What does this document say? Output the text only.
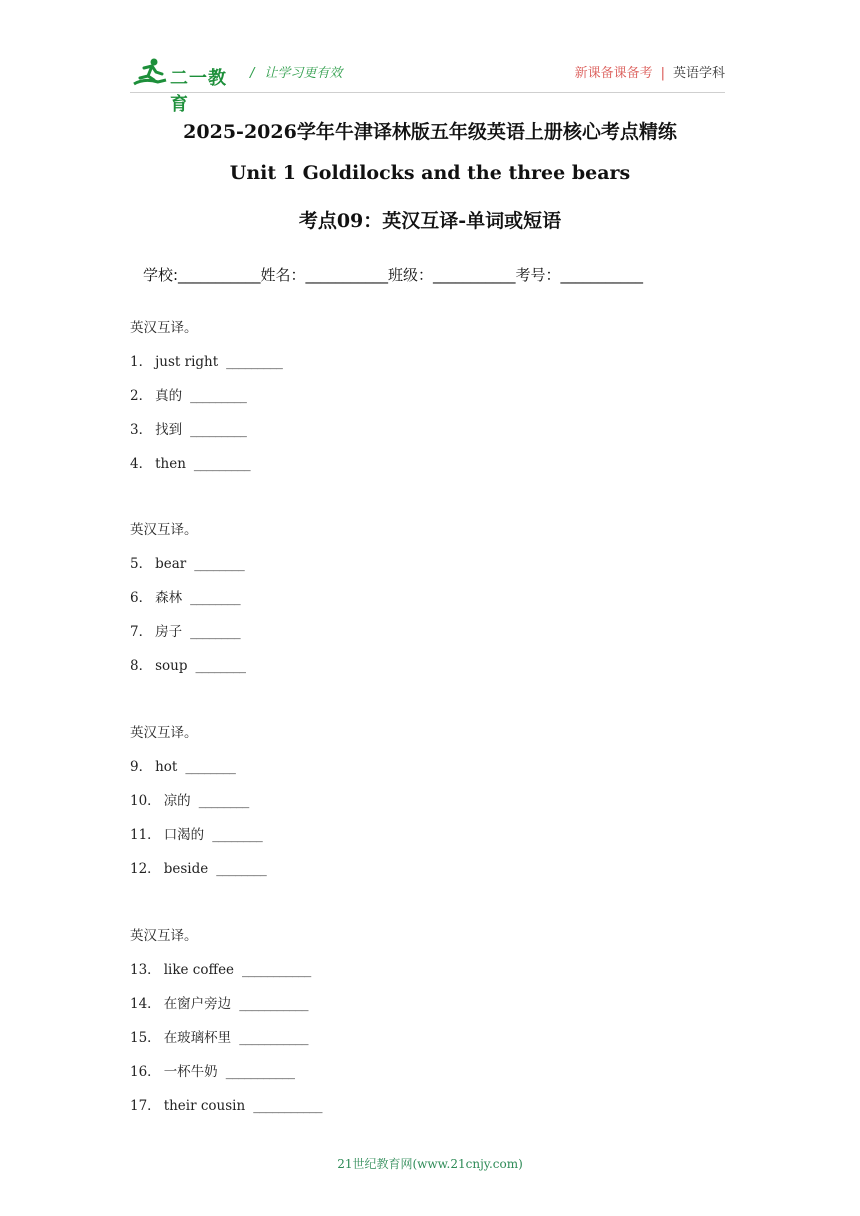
二一教育
/ 让学习更有效	新课备课备考 | 英语学科
2025-2026学年牛津译林版五年级英语上册核心考点精练
Unit 1 Goldilocks and the three bears
考点09：英汉互译-单词或短语
学校:___________姓名：___________班级：___________考号：___________
英汉互译。
1． just right _________
2． 真的 _________
3． 找到 _________
4． then _________
英汉互译。
5． bear ________
6． 森林 ________
7． 房子 ________
8． soup ________
英汉互译。
9． hot ________
10． 凉的 ________
11． 口渴的 ________
12． beside ________
英汉互译。
13． like coffee ___________
14． 在窗户旁边 ___________
15． 在玻璃杯里 ___________
16． 一杯牛奶 ___________
17． their cousin ___________
21世纪教育网(www.21cnjy.com)
